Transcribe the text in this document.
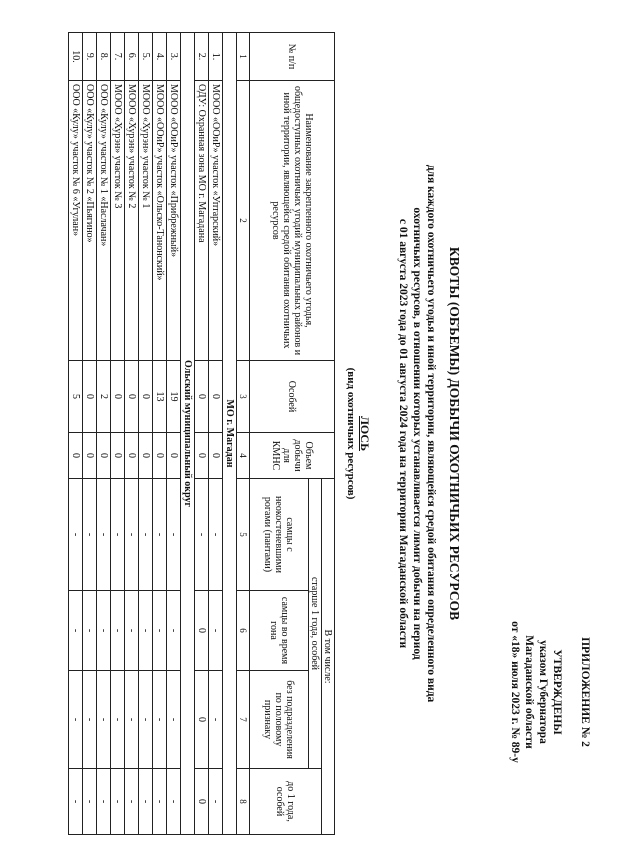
ПРИЛОЖЕНИЕ № 2
УТВЕРЖДЕНЫ
указом Губернатора
Магаданской области
от «18» июля 2023 г. № 89-у
КВОТЫ (ОБЪЕМЫ) ДОБЫЧИ ОХОТНИЧЬИХ РЕСУРСОВ
для каждого охотничьего угодья и иной территории, являющейся средой обитания определенного вида
охотничьих ресурсов, в отношении которых устанавливается лимит добычи на период
с 01 августа 2023 года до 01 августа 2024 года на территории Магаданской области
ЛОСЬ
(вид охотничьих ресурсов)
№ п/п	Наименование закрепленного охотничьего угодья, общедоступных охотничьих угодий муниципальных районов и иной территории, являющейся средой обитания охотничьих ресурсов	Особей	Объем добычи для КМНС	В том числе:			
				старше 1 года, особей			до 1 года, особей
				самцы с неокостеневшими рогами (пантами)	самцы во время гона	без подразделения по половому признаку	
1	2	3	4	5	6	7	8
МО г. Магадан							
1.	МООО «ООиР» участок «Уптарский»	0	0	-	-	-	-
2.	ОДУ: Охранная зона МО г. Магадана	0	0	-	0	0	0
Ольский муниципальный округ							
3.	МООО «ООиР» участок «Прибрежный»	19	0	-	-	-	-
4.	МООО «ООиР» участок «Ольско-Танонский»	13	0	-	-	-	-
5.	МООО «Хурэн» участок № 1	0	0	-	-	-	-
6.	МООО «Хурэн» участок № 2	0	0	-	-	-	-
7.	МООО «Хурэн» участок № 3	0	0	-	-	-	-
8.	ООО «Кулу» участок № 1 «Наслачан»	2	0	-	-	-	-
9.	ООО «Кулу» участок № 2 «Пьягино»	0	0	-	-	-	-
10.	ООО «Кулу» участок № 6 «Угулан»	5	0	-	-	-	-
